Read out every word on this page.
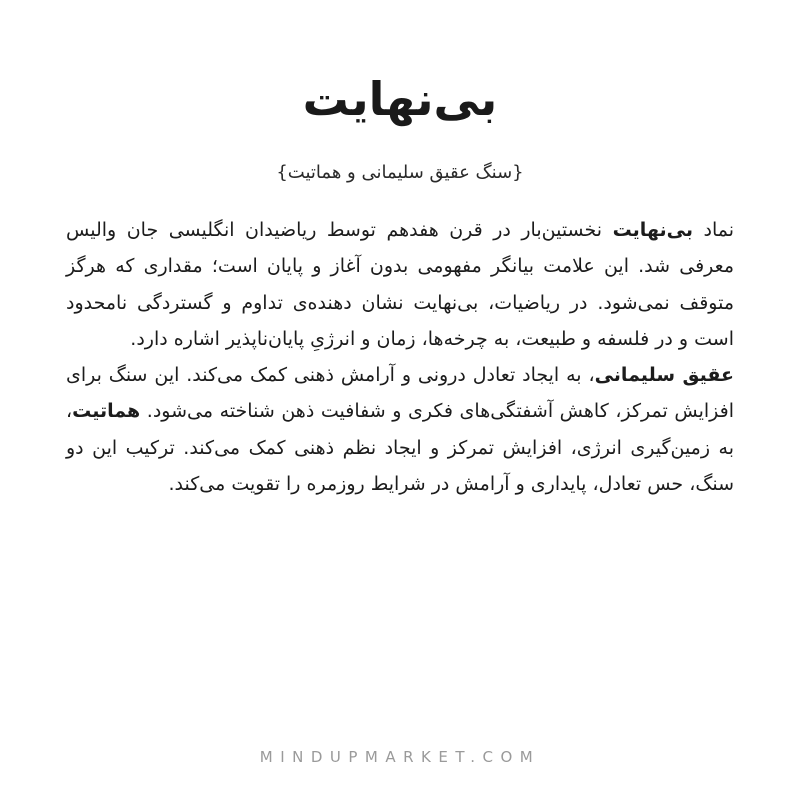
بی‌نهایت
{سنگ عقیق سلیمانی و هماتیت}

نماد بی‌نهایت نخستین‌بار در قرن هفدهم توسط ریاضیدان انگلیسی جان والیس معرفی شد. این علامت بیانگر مفهومی بدون آغاز و پایان است؛ مقداری که هرگز متوقف نمی‌شود. در ریاضیات، بی‌نهایت نشان دهنده‌ی تداوم و گستردگی نامحدود است و در فلسفه و طبیعت، به چرخه‌ها، زمان و انرژیِ پایان‌ناپذیر اشاره دارد.

عقیق سلیمانی، به ایجاد تعادل درونی و آرامش ذهنی کمک می‌کند. این سنگ برای افزایش تمرکز، کاهش آشفتگی‌های فکری و شفافیت ذهن شناخته می‌شود. هماتیت، به زمین‌گیری انرژی، افزایش تمرکز و ایجاد نظم ذهنی کمک می‌کند. ترکیب این دو سنگ، حس تعادل، پایداری و آرامش در شرایط روزمره را تقویت می‌کند.

MINDUPMARKET.COM
